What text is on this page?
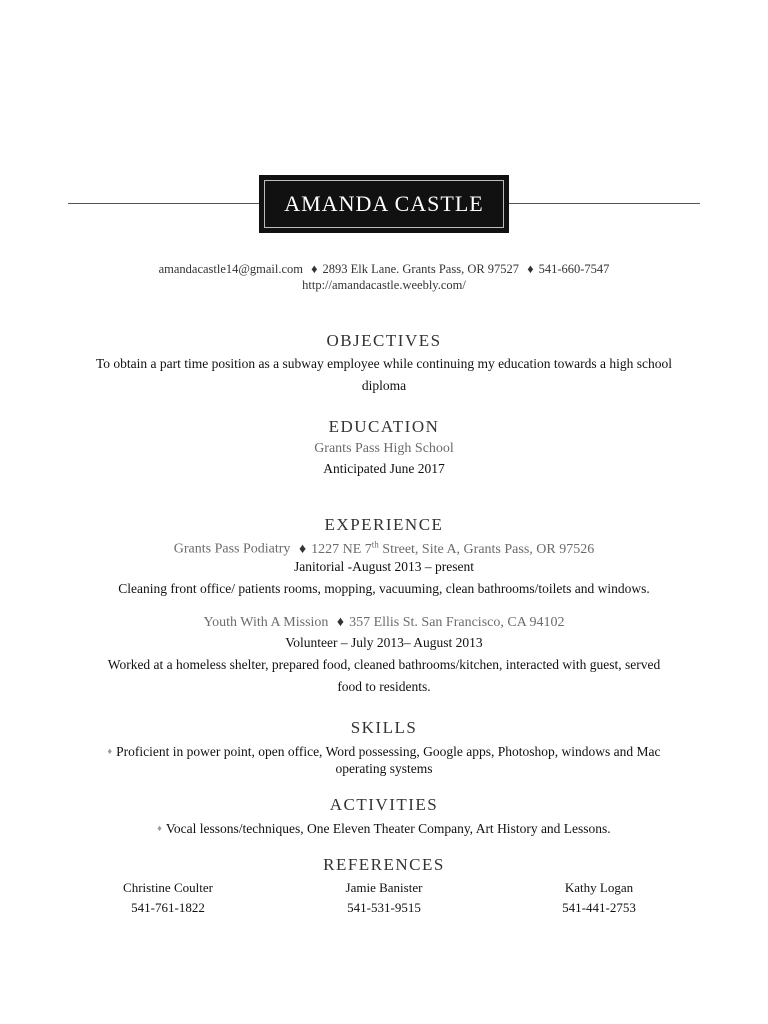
AMANDA CASTLE
amandacastle14@gmail.com ♦ 2893 Elk Lane. Grants Pass, OR 97527 ♦ 541-660-7547
http://amandacastle.weebly.com/
OBJECTIVES
To obtain a part time position as a subway employee while continuing my education towards a high school
diploma
EDUCATION
Grants Pass High School
Anticipated June 2017
EXPERIENCE
Grants Pass Podiatry ♦ 1227 NE 7th Street, Site A, Grants Pass, OR 97526
Janitorial -August 2013 – present
Cleaning front office/ patients rooms, mopping, vacuuming, clean bathrooms/toilets and windows.
Youth With A Mission ♦ 357 Ellis St. San Francisco, CA 94102
Volunteer – July 2013– August 2013
Worked at a homeless shelter, prepared food, cleaned bathrooms/kitchen, interacted with guest, served
food to residents.
SKILLS
♦ Proficient in power point, open office, Word possessing, Google apps, Photoshop, windows and Mac
operating systems
ACTIVITIES
♦ Vocal lessons/techniques, One Eleven Theater Company, Art History and Lessons.
REFERENCES
Christine Coulter
541-761-1822
Jamie Banister
541-531-9515
Kathy Logan
541-441-2753
